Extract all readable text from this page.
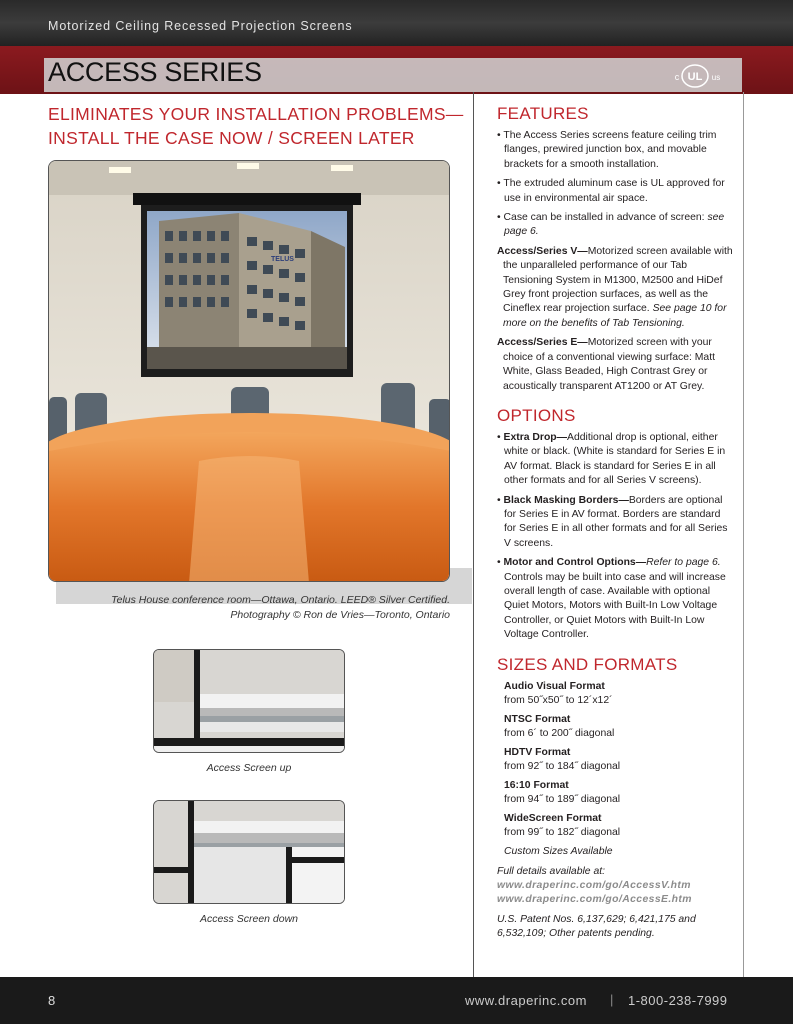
Motorized Ceiling Recessed Projection Screens
ACCESS SERIES	UL
c	us
ELIMINATES YOUR INSTALLATION PROBLEMS—
INSTALL THE CASE NOW / SCREEN LATER
TELUS
Telus House conference room—Ottawa, Ontario. LEED® Silver Certified.
Photography © Ron de Vries—Toronto, Ontario
Access Screen up
Access Screen down
FEATURES
• The Access Series screens feature ceiling trim flanges, prewired junction box, and movable brackets for a smooth installation.
• The extruded aluminum case is UL approved for use in environmental air space.
• Case can be installed in advance of screen: see page 6.
Access/Series V—Motorized screen available with the unparalleled performance of our Tab Tensioning System in M1300, M2500 and HiDef Grey front projection surfaces, as well as the Cineflex rear projection surface. See page 10 for more on the benefits of Tab Tensioning.
Access/Series E—Motorized screen with your choice of a conventional viewing surface: Matt White, Glass Beaded, High Contrast Grey or acoustically transparent AT1200 or AT Grey.
OPTIONS
• Extra Drop—Additional drop is optional, either white or black. (White is standard for Series E in AV format. Black is standard for Series E in all other formats and for all Series V screens).
• Black Masking Borders—Borders are optional for Series E in AV format. Borders are standard for Series E in all other formats and for all Series V screens.
• Motor and Control Options—Refer to page 6. Controls may be built into case and will increase overall length of case. Available with optional Quiet Motors, Motors with Built-In Low Voltage Controller, or Quiet Motors with Built-In Low Voltage Controller.
SIZES AND FORMATS
Audio Visual Format
from 50˝x50˝ to 12´x12´
NTSC Format
from 6´ to 200˝ diagonal
HDTV Format
from 92˝ to 184˝ diagonal
16:10 Format
from 94˝ to 189˝ diagonal
WideScreen Format
from 99˝ to 182˝ diagonal
Custom Sizes Available
Full details available at:
www.draperinc.com/go/AccessV.htm
www.draperinc.com/go/AccessE.htm
U.S. Patent Nos. 6,137,629; 6,421,175 and 6,532,109; Other patents pending.
8	www.draperinc.com | 1-800-238-7999
